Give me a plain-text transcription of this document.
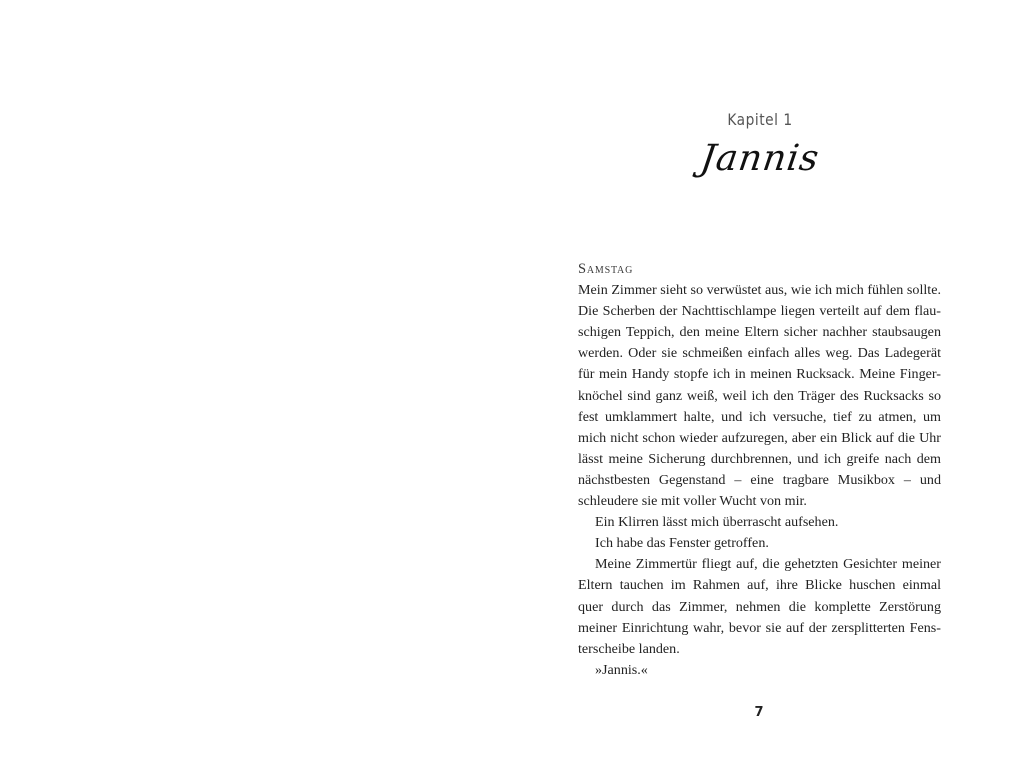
Kapitel 1
Jannis
Samstag
Mein Zimmer sieht so verwüstet aus, wie ich mich fühlen sollte.
Die Scherben der Nachttischlampe liegen verteilt auf dem flau-
schigen Teppich, den meine Eltern sicher nachher staubsaugen
werden. Oder sie schmeißen einfach alles weg. Das Ladegerät
für mein Handy stopfe ich in meinen Rucksack. Meine Finger-
knöchel sind ganz weiß, weil ich den Träger des Rucksacks so
fest umklammert halte, und ich versuche, tief zu atmen, um
mich nicht schon wieder aufzuregen, aber ein Blick auf die Uhr
lässt meine Sicherung durchbrennen, und ich greife nach dem
nächstbesten Gegenstand – eine tragbare Musikbox – und
schleudere sie mit voller Wucht von mir.
Ein Klirren lässt mich überrascht aufsehen.
Ich habe das Fenster getroffen.
Meine Zimmertür fliegt auf, die gehetzten Gesichter meiner
Eltern tauchen im Rahmen auf, ihre Blicke huschen einmal
quer durch das Zimmer, nehmen die komplette Zerstörung
meiner Einrichtung wahr, bevor sie auf der zersplitterten Fens-
terscheibe landen.
»Jannis.«
7
